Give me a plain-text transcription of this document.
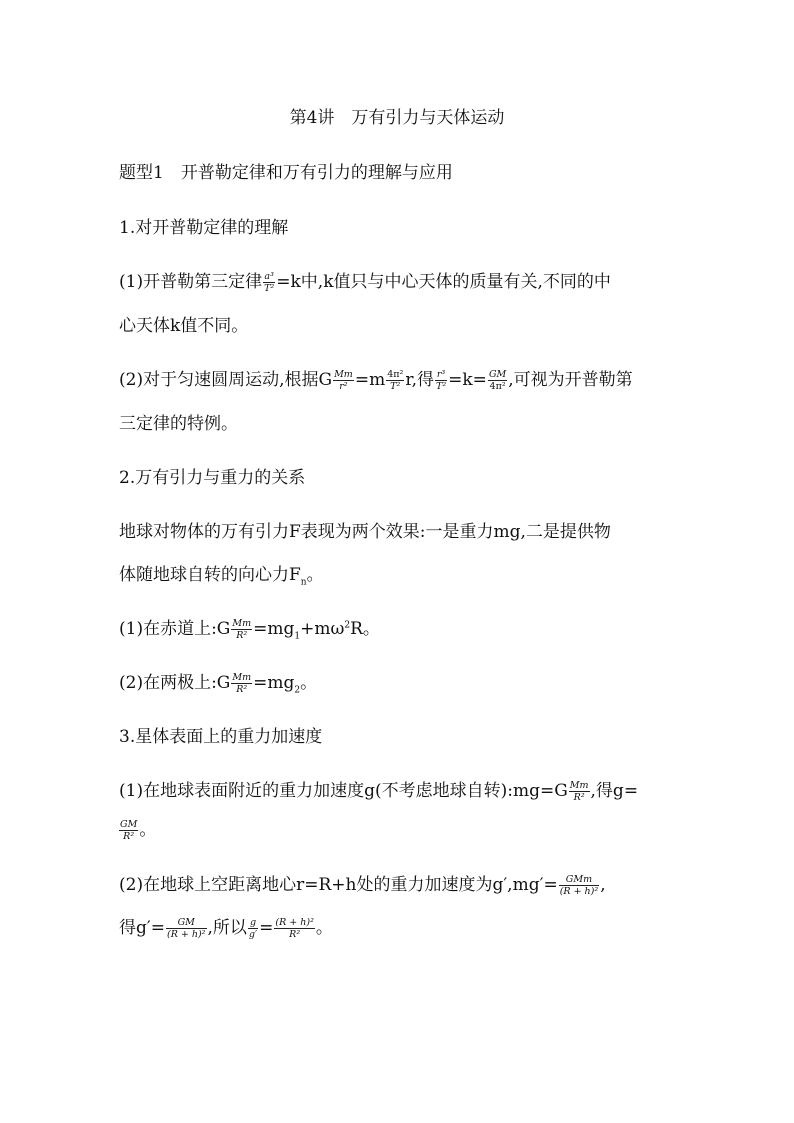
第4讲　万有引力与天体运动
题型1　开普勒定律和万有引力的理解与应用
1.对开普勒定律的理解
(1)开普勒第三定律 $\frac{\text{a³}}{\text{T²}} =k$中,k值只与中心天体的质量有关,不同的中
心天体k值不同。
(2)对于匀速圆周运动,根据G $\frac{Mm}{\text{r²}} =m \frac{\text{4π²}}{\text{T²}} r$,得 $\frac{\text{r³}}{\text{T²}} =k= \frac{GM}{\text{4π²}}$ ,可视为开普勒第
三定律的特例。
2.万有引力与重力的关系
地球对物体的万有引力F表现为两个效果:一是重力mg,二是提供物
体随地球自转的向心力$F_n$。
(1)在赤道上:G $\frac{Mm}{\text{R²}} =mg_1+m\omega^2R$。
(2)在两极上:G $\frac{Mm}{\text{R²}} =mg_2$。
3.星体表面上的重力加速度
(1)在地球表面附近的重力加速度g(不考虑地球自转):mg=G $\frac{Mm}{\text{R²}}$ ,得g=
$\frac{GM}{\text{R²}}$ 。
(2)在地球上空距离地心r=R+h处的重力加速度为$g',mg'= \frac{\text{GMm}}{\text{(R + h)²}}$ ,
得$g'= \frac{GM}{\text{(R + h)²}}$ ,所以 $\frac{g}{g'} = \frac{\text{(R + h)²}}{\text{R²}}$ 。
